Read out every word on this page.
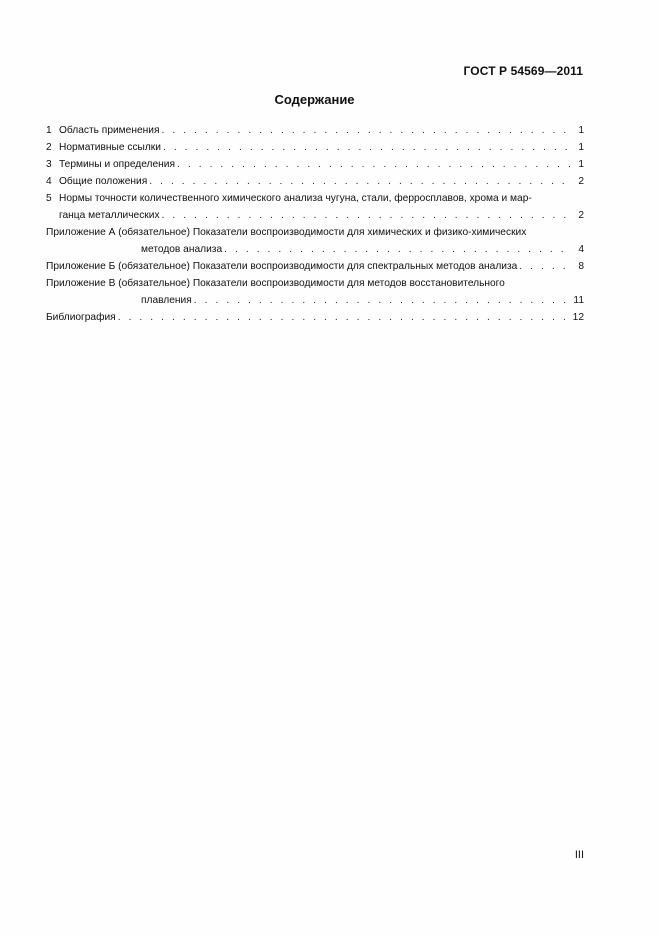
ГОСТ Р 54569—2011
Содержание
1 Область применения . . .	1
2 Нормативные ссылки . . .	1
3 Термины и определения . . .	1
4 Общие положения . . .	2
5 Нормы точности количественного химического анализа чугуна, стали, ферросплавов, хрома и мар-
ганца металлических . . .	2
Приложение А (обязательное) Показатели воспроизводимости для химических и физико-химических
методов анализа . . .	4
Приложение Б (обязательное) Показатели воспроизводимости для спектральных методов анализа . . .	8
Приложение В (обязательное) Показатели воспроизводимости для методов восстановительного
плавления . . .	11
Библиография . . .	12
III
